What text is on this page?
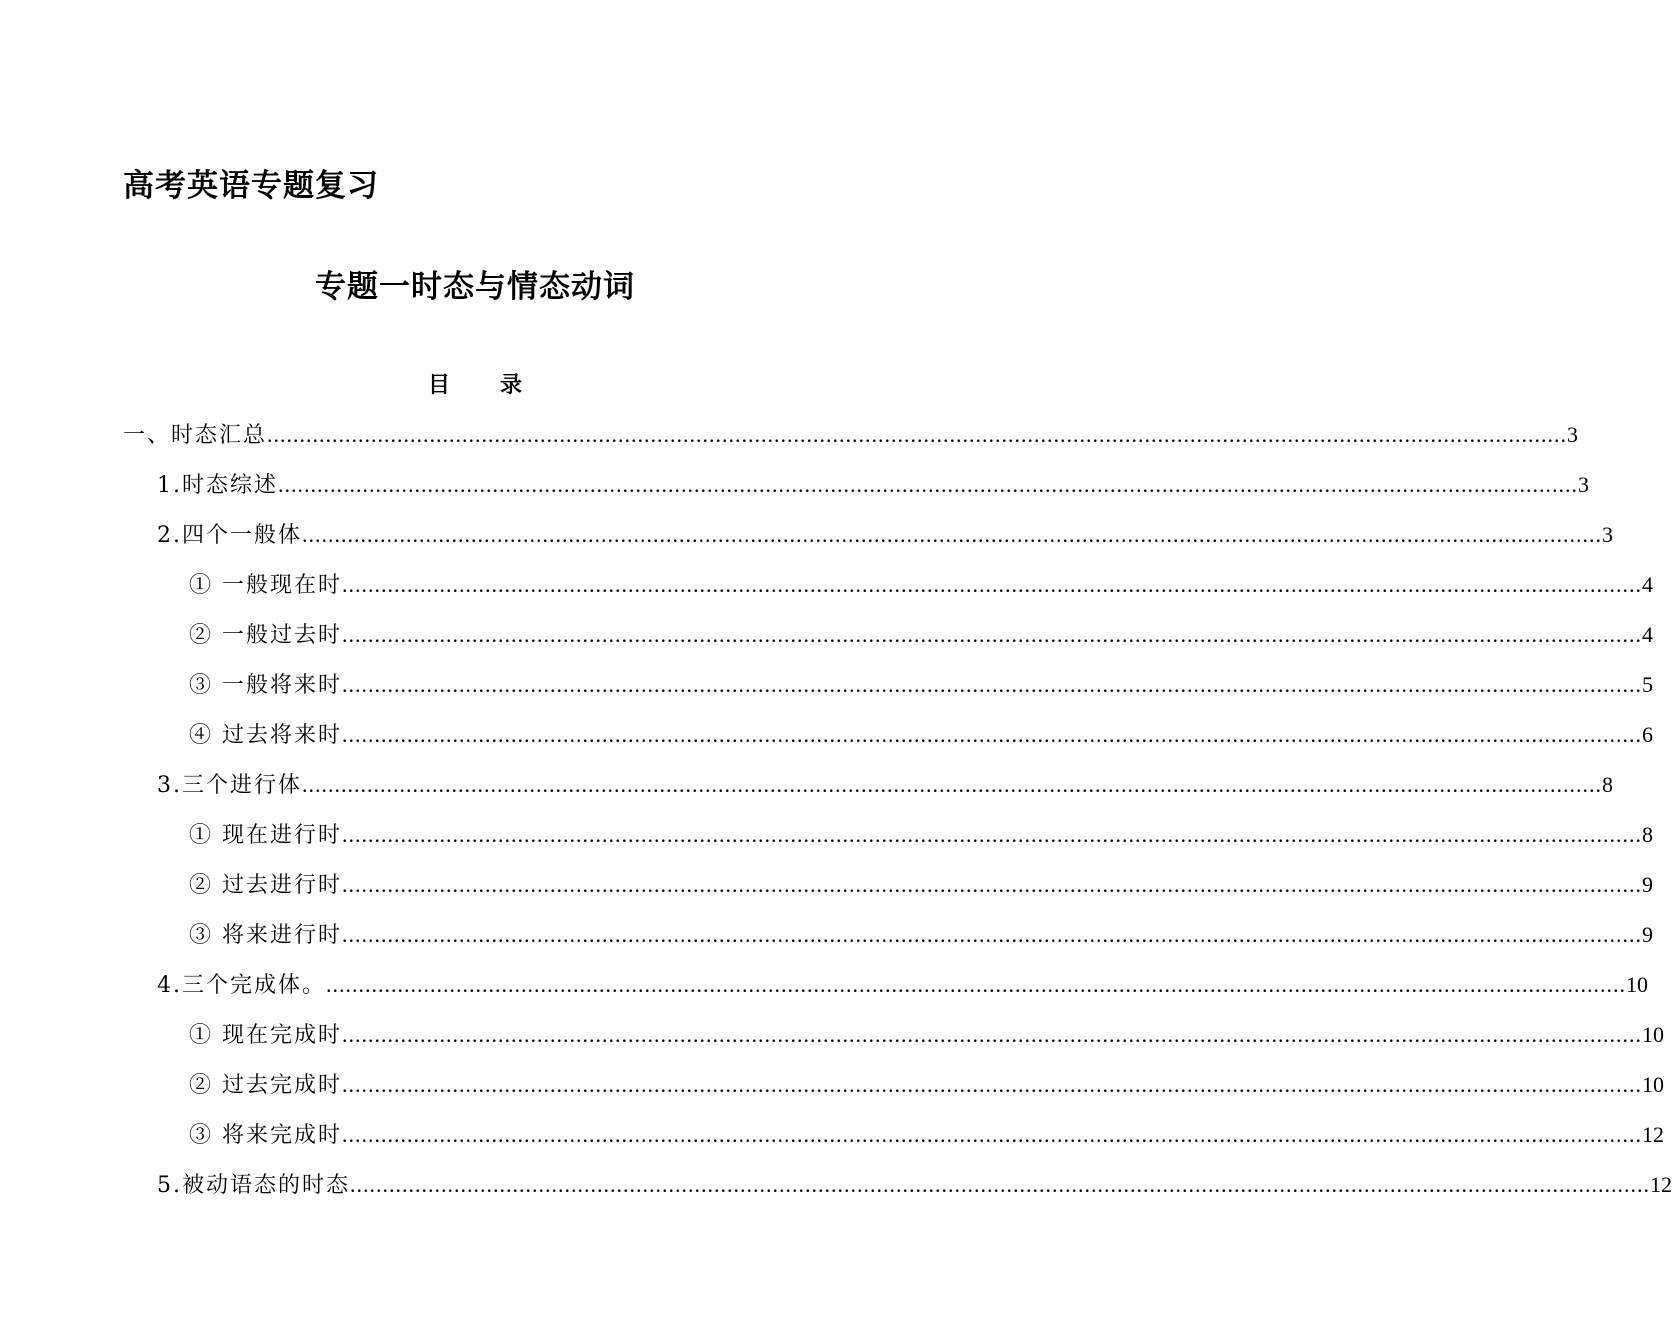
高考英语专题复习
专题一时态与情态动词
目 录
一、时态汇总 ........................................................................................................................................................................................................ 3
1.时态综述 ........................................................................................................................................................................................................ 3
2.四个一般体 ........................................................................................................................................................................................................ 3
① 一般现在时 ........................................................................................................................................................................................................ 4
② 一般过去时 ........................................................................................................................................................................................................ 4
③ 一般将来时 ........................................................................................................................................................................................................ 5
④ 过去将来时 ........................................................................................................................................................................................................ 6
3.三个进行体 ........................................................................................................................................................................................................ 8
① 现在进行时 ........................................................................................................................................................................................................ 8
② 过去进行时 ........................................................................................................................................................................................................ 9
③ 将来进行时 ........................................................................................................................................................................................................ 9
4.三个完成体。 ........................................................................................................................................................................................................ 10
① 现在完成时 ........................................................................................................................................................................................................ 10
② 过去完成时 ........................................................................................................................................................................................................ 10
③ 将来完成时 ........................................................................................................................................................................................................ 12
5.被动语态的时态 ........................................................................................................................................................................................................ 12
